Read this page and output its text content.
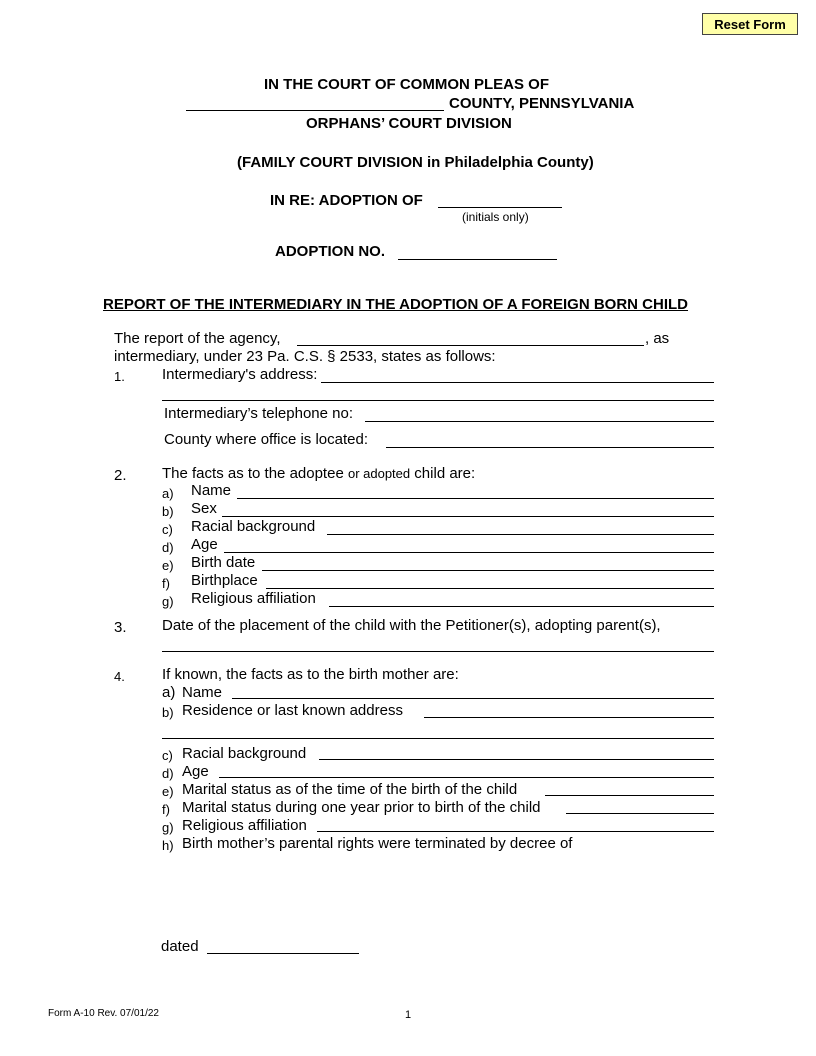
Reset Form
IN THE COURT OF COMMON PLEAS OF
COUNTY, PENNSYLVANIA
ORPHANS’ COURT DIVISION
(FAMILY COURT DIVISION in Philadelphia County)
IN RE: ADOPTION OF
(initials only)
ADOPTION NO.
REPORT OF THE INTERMEDIARY IN THE ADOPTION OF A FOREIGN BORN CHILD
The report of the agency,	, as
intermediary, under 23 Pa. C.S. § 2533, states as follows:
1. Intermediary's address:
Intermediary’s telephone no:
County where office is located:
2. The facts as to the adoptee or adopted child are:
a) Name
b) Sex
c) Racial background
d) Age
e) Birth date
f) Birthplace
g) Religious affiliation
3. Date of the placement of the child with the Petitioner(s), adopting parent(s),
4. If known, the facts as to the birth mother are:
a) Name
b) Residence or last known address
c) Racial background
d) Age
e) Marital status as of the time of the birth of the child
f) Marital status during one year prior to birth of the child
g) Religious affiliation
h) Birth mother’s parental rights were terminated by decree of
dated
Form A-10 Rev. 07/01/22	1
